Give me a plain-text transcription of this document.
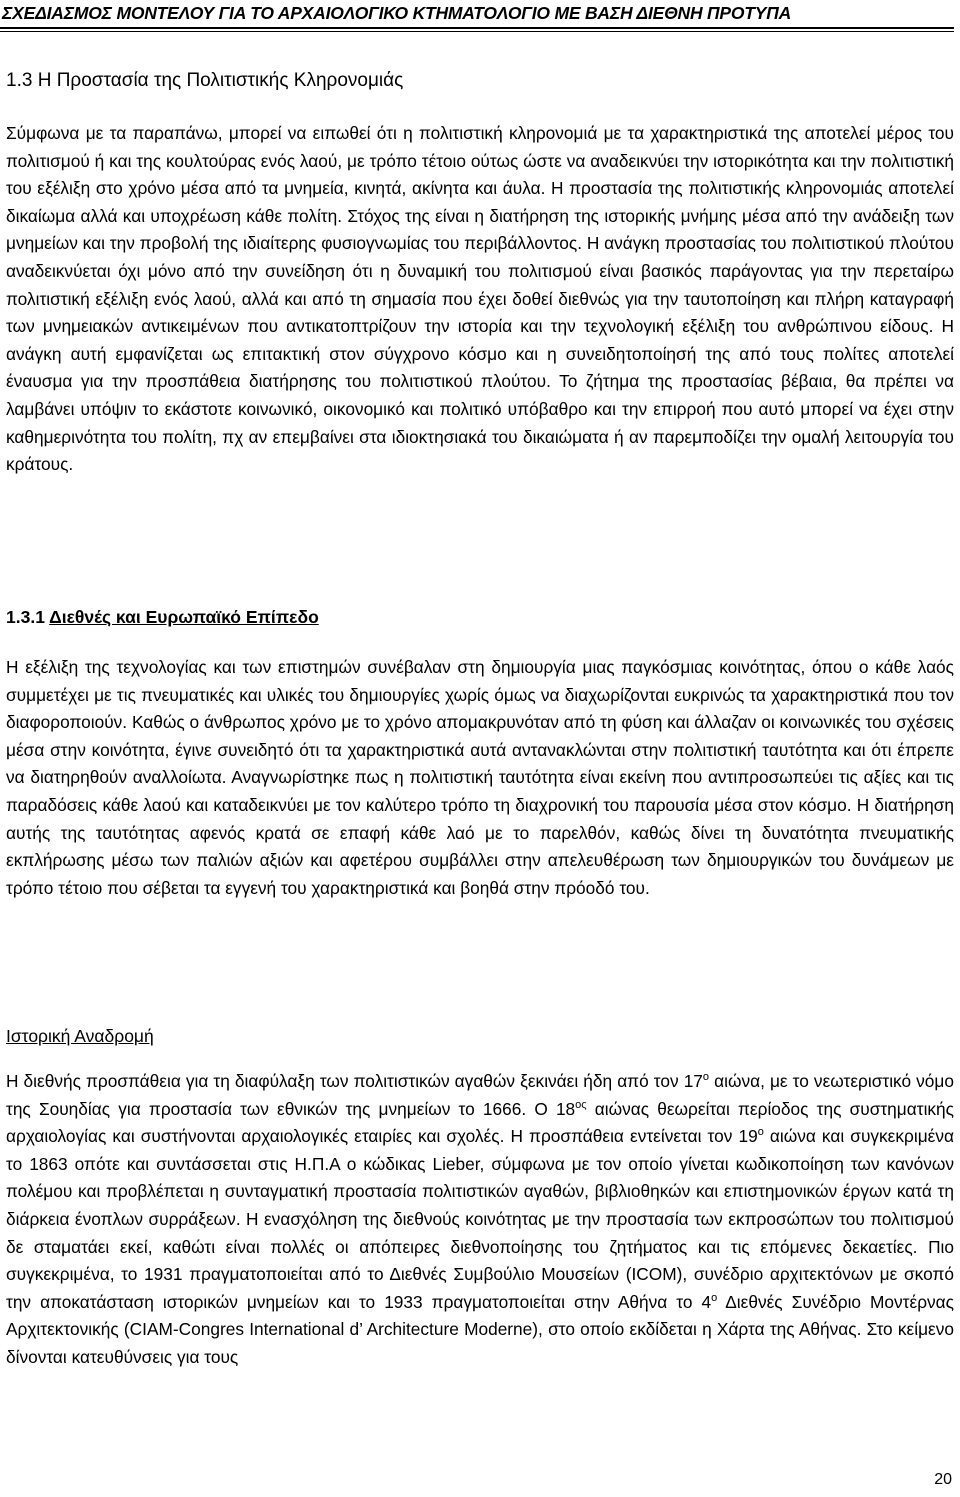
ΣΧΕΔΙΑΣΜΟΣ ΜΟΝΤΕΛΟΥ ΓΙΑ ΤΟ ΑΡΧΑΙΟΛΟΓΙΚΟ ΚΤΗΜΑΤΟΛΟΓΙΟ ΜΕ ΒΑΣΗ ΔΙΕΘΝΗ ΠΡΟΤΥΠΑ
1.3 Η Προστασία της Πολιτιστικής Κληρονομιάς

Σύμφωνα με τα παραπάνω, μπορεί να ειπωθεί ότι η πολιτιστική κληρονομιά με τα χαρακτηριστικά της αποτελεί μέρος του πολιτισμού ή και της κουλτούρας ενός λαού, με τρόπο τέτοιο ούτως ώστε να αναδεικνύει την ιστορικότητα και την πολιτιστική του εξέλιξη στο χρόνο μέσα από τα μνημεία, κινητά, ακίνητα και άυλα. Η προστασία της πολιτιστικής κληρονομιάς αποτελεί δικαίωμα αλλά και υποχρέωση κάθε πολίτη. Στόχος της είναι η διατήρηση της ιστορικής μνήμης μέσα από την ανάδειξη των μνημείων και την προβολή της ιδιαίτερης φυσιογνωμίας του περιβάλλοντος. Η ανάγκη προστασίας του πολιτιστικού πλούτου αναδεικνύεται όχι μόνο από την συνείδηση ότι η δυναμική του πολιτισμού είναι βασικός παράγοντας για την περεταίρω πολιτιστική εξέλιξη ενός λαού, αλλά και από τη σημασία που έχει δοθεί διεθνώς για την ταυτοποίηση και πλήρη καταγραφή των μνημειακών αντικειμένων που αντικατοπτρίζουν την ιστορία και την τεχνολογική εξέλιξη του ανθρώπινου είδους. Η ανάγκη αυτή εμφανίζεται ως επιτακτική στον σύγχρονο κόσμο και η συνειδητοποίησή της από τους πολίτες αποτελεί έναυσμα για την προσπάθεια διατήρησης του πολιτιστικού πλούτου. Το ζήτημα της προστασίας βέβαια, θα πρέπει να λαμβάνει υπόψιν το εκάστοτε κοινωνικό, οικονομικό και πολιτικό υπόβαθρο και την επιρροή που αυτό μπορεί να έχει στην καθημερινότητα του πολίτη, πχ αν επεμβαίνει στα ιδιοκτησιακά του δικαιώματα ή αν παρεμποδίζει την ομαλή λειτουργία του κράτους.

1.3.1 Διεθνές και Ευρωπαϊκό Επίπεδο

Η εξέλιξη της τεχνολογίας και των επιστημών συνέβαλαν στη δημιουργία μιας παγκόσμιας κοινότητας, όπου ο κάθε λαός συμμετέχει με τις πνευματικές και υλικές του δημιουργίες χωρίς όμως να διαχωρίζονται ευκρινώς τα χαρακτηριστικά που τον διαφοροποιούν. Καθώς ο άνθρωπος χρόνο με το χρόνο απομακρυνόταν από τη φύση και άλλαζαν οι κοινωνικές του σχέσεις μέσα στην κοινότητα, έγινε συνειδητό ότι τα χαρακτηριστικά αυτά αντανακλώνται στην πολιτιστική ταυτότητα και ότι έπρεπε να διατηρηθούν αναλλοίωτα. Αναγνωρίστηκε πως η πολιτιστική ταυτότητα είναι εκείνη που αντιπροσωπεύει τις αξίες και τις παραδόσεις κάθε λαού και καταδεικνύει με τον καλύτερο τρόπο τη διαχρονική του παρουσία μέσα στον κόσμο. Η διατήρηση αυτής της ταυτότητας αφενός κρατά σε επαφή κάθε λαό με το παρελθόν, καθώς δίνει τη δυνατότητα πνευματικής εκπλήρωσης μέσω των παλιών αξιών και αφετέρου συμβάλλει στην απελευθέρωση των δημιουργικών του δυνάμεων με τρόπο τέτοιο που σέβεται τα εγγενή του χαρακτηριστικά και βοηθά στην πρόοδό του.

Ιστορική Αναδρομή

Η διεθνής προσπάθεια για τη διαφύλαξη των πολιτιστικών αγαθών ξεκινάει ήδη από τον $17^o$ αιώνα, με το νεωτεριστικό νόμο της Σουηδίας για προστασία των εθνικών της μνημείων το 1666. Ο $18^{o\varsigma}$ αιώνας θεωρείται περίοδος της συστηματικής αρχαιολογίας και συστήνονται αρχαιολογικές εταιρίες και σχολές. Η προσπάθεια εντείνεται τον $19^o$ αιώνα και συγκεκριμένα το 1863 οπότε και συντάσσεται στις Η.Π.Α ο κώδικας Lieber, σύμφωνα με τον οποίο γίνεται κωδικοποίηση των κανόνων πολέμου και προβλέπεται η συνταγματική προστασία πολιτιστικών αγαθών, βιβλιοθηκών και επιστημονικών έργων κατά τη διάρκεια ένοπλων συρράξεων. Η ενασχόληση της διεθνούς κοινότητας με την προστασία των εκπροσώπων του πολιτισμού δε σταματάει εκεί, καθώτι είναι πολλές οι απόπειρες διεθνοποίησης του ζητήματος και τις επόμενες δεκαετίες. Πιο συγκεκριμένα, το 1931 πραγματοποιείται από το Διεθνές Συμβούλιο Μουσείων (ICOM), συνέδριο αρχιτεκτόνων με σκοπό την αποκατάσταση ιστορικών μνημείων και το 1933 πραγματοποιείται στην Αθήνα το $4^o$ Διεθνές Συνέδριο Μοντέρνας Αρχιτεκτονικής (CIAM-Congres International d’ Architecture Moderne), στο οποίο εκδίδεται η Χάρτα της Αθήνας. Στο κείμενο δίνονται κατευθύνσεις για τους

20
